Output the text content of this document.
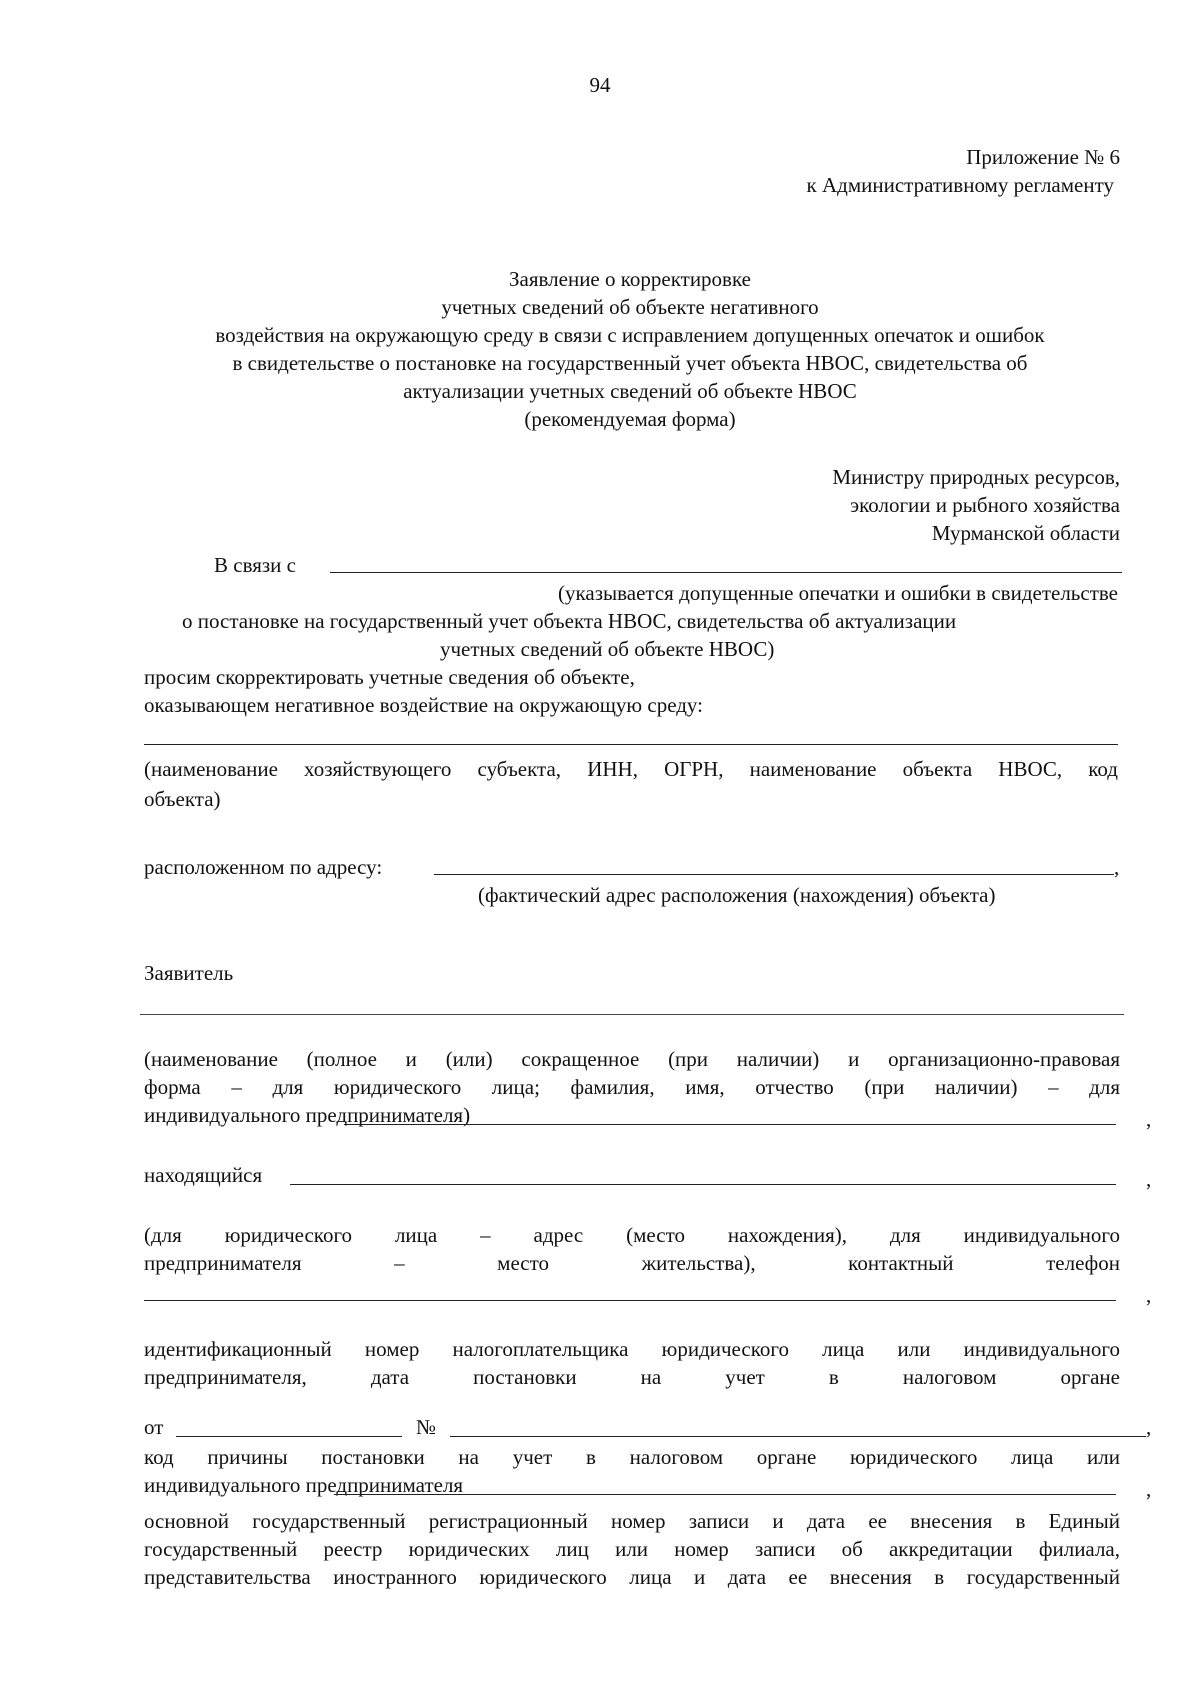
94
Приложение № 6
к Административному регламенту
Заявление о корректировке
учетных сведений об объекте негативного
воздействия на окружающую среду в связи с исправлением допущенных опечаток и ошибок
в свидетельстве о постановке на государственный учет объекта НВОС, свидетельства об
актуализации учетных сведений об объекте НВОС
(рекомендуемая форма)
Министру природных ресурсов,
экологии и рыбного хозяйства
Мурманской области
В связи с
(указывается допущенные опечатки и ошибки в свидетельстве
о постановке на государственный учет объекта НВОС, свидетельства об актуализации
учетных сведений об объекте НВОС)
просим скорректировать учетные сведения об объекте,
оказывающем негативное воздействие на окружающую среду:
(наименование хозяйствующего субъекта, ИНН, ОГРН, наименование объекта НВОС, код
объекта)
расположенном по адресу:	,
(фактический адрес расположения (нахождения) объекта)
Заявитель
(наименование (полное и (или) сокращенное (при наличии) и организационно-правовая
форма – для юридического лица; фамилия, имя, отчество (при наличии) – для
индивидуального предпринимателя)	,
находящийся	,
(для юридического лица – адрес (место нахождения), для индивидуального
предпринимателя – место жительства), контактный телефон
,
идентификационный номер налогоплательщика юридического лица или индивидуального
предпринимателя, дата постановки на учет в налоговом органе
от	№	,
код причины постановки на учет в налоговом органе юридического лица или
индивидуального предпринимателя	,
основной государственный регистрационный номер записи и дата ее внесения в Единый
государственный реестр юридических лиц или номер записи об аккредитации филиала,
представительства иностранного юридического лица и дата ее внесения в государственный
